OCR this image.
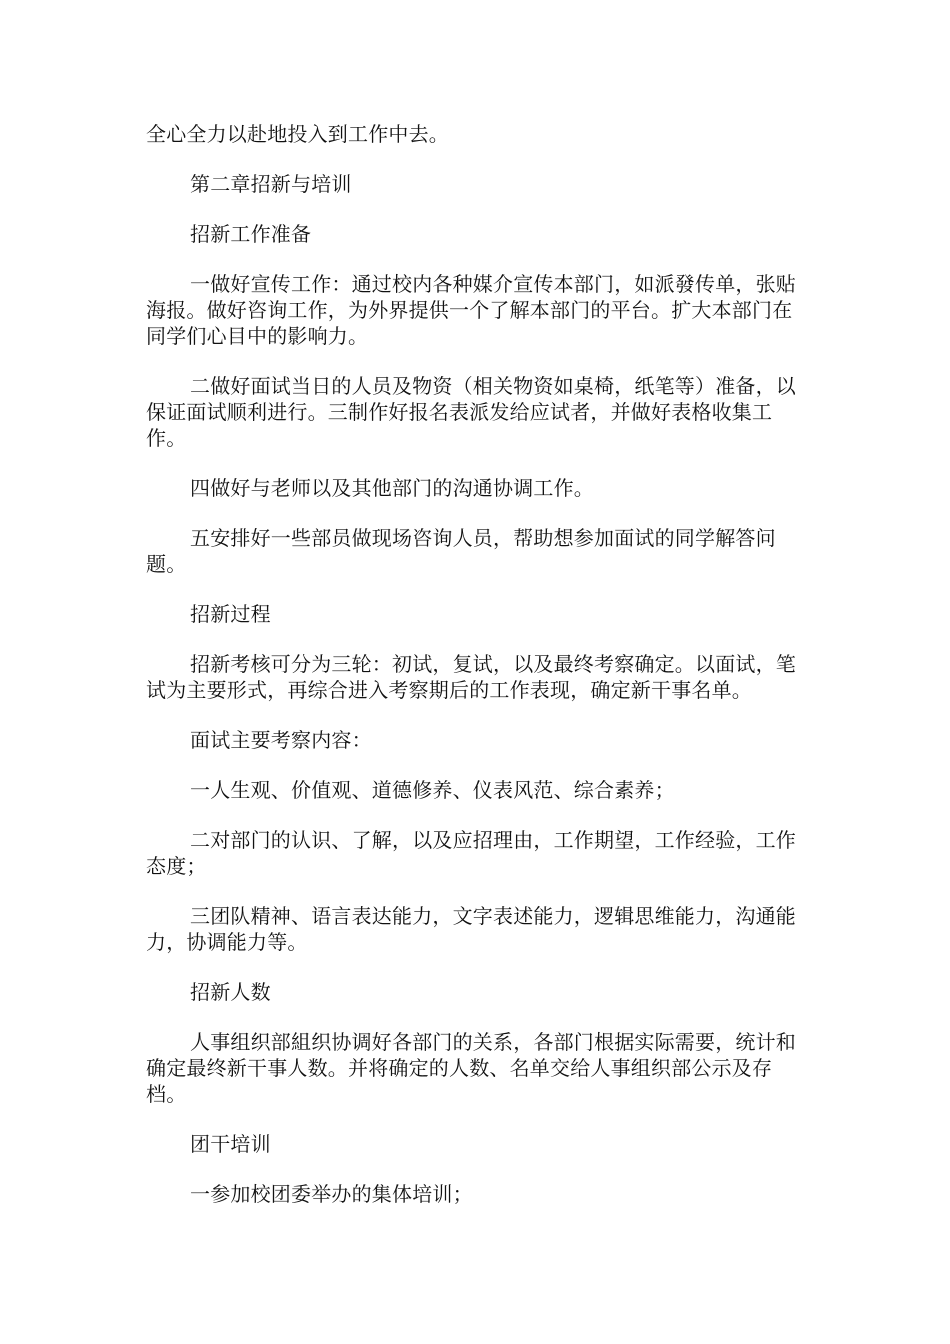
全心全力以赴地投入到工作中去。

第二章招新与培训

招新工作准备

一做好宣传工作：通过校内各种媒介宣传本部门，如派發传单，张贴海报。做好咨询工作，为外界提供一个了解本部门的平台。扩大本部门在同学们心目中的影响力。

二做好面试当日的人员及物资（相关物资如桌椅，纸笔等）准备，以保证面试顺利进行。三制作好报名表派发给应试者，并做好表格收集工作。

四做好与老师以及其他部门的沟通协调工作。

五安排好一些部员做现场咨询人员，帮助想参加面试的同学解答问题。

招新过程

招新考核可分为三轮：初试，复试，以及最终考察确定。以面试，笔试为主要形式，再综合进入考察期后的工作表现，确定新干事名单。

面试主要考察内容：

一人生观、价值观、道德修养、仪表风范、综合素养；

二对部门的认识、了解，以及应招理由，工作期望，工作经验，工作态度；

三团队精神、语言表达能力，文字表述能力，逻辑思维能力，沟通能力，协调能力等。

招新人数

人事组织部組织协调好各部门的关系，各部门根据实际需要，统计和确定最终新干事人数。并将确定的人数、名单交给人事组织部公示及存档。

团干培训

一参加校团委举办的集体培训；
